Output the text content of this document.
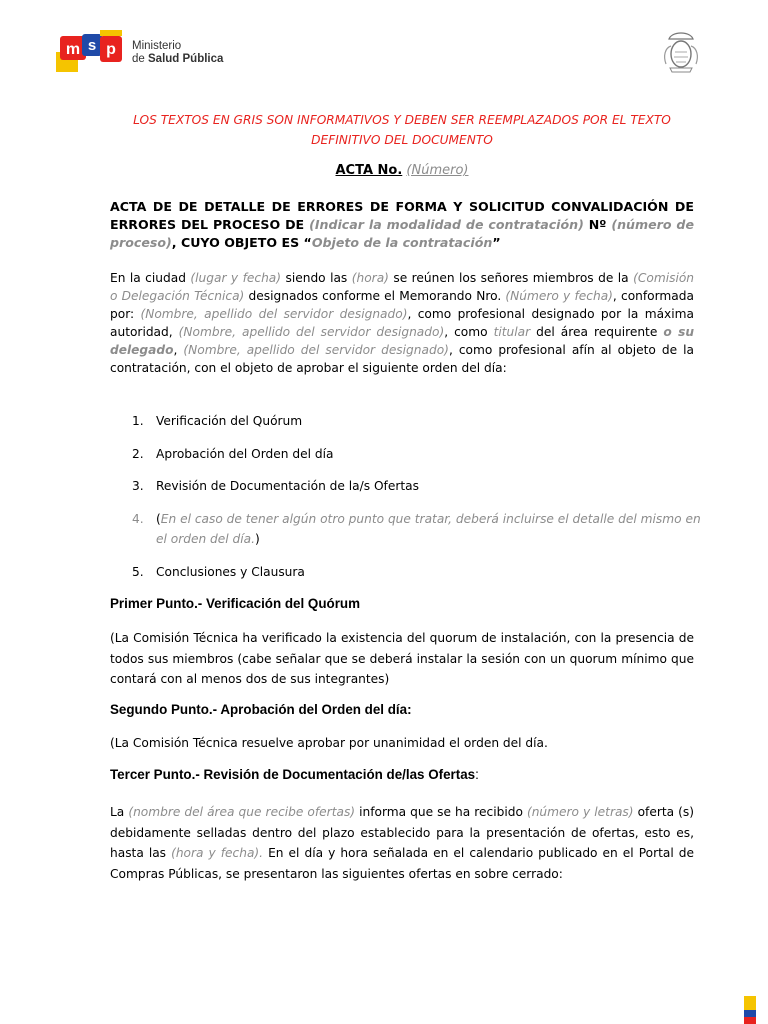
m s p Ministerio
de Salud Pública
LOS TEXTOS EN GRIS SON INFORMATIVOS Y DEBEN SER REEMPLAZADOS POR EL TEXTO
DEFINITIVO DEL DOCUMENTO
ACTA No. (Número)
ACTA DE DE DETALLE DE ERRORES DE FORMA Y SOLICITUD CONVALIDACIÓN DE ERRORES DEL PROCESO DE (Indicar la modalidad de contratación) Nº (número de proceso), CUYO OBJETO ES “Objeto de la contratación”
En la ciudad (lugar y fecha) siendo las (hora) se reúnen los señores miembros de la (Comisión o Delegación Técnica) designados conforme el Memorando Nro. (Número y fecha), conformada por: (Nombre, apellido del servidor designado), como profesional designado por la máxima autoridad, (Nombre, apellido del servidor designado), como titular del área requirente o su delegado, (Nombre, apellido del servidor designado), como profesional afín al objeto de la contratación, con el objeto de aprobar el siguiente orden del día:
1. Verificación del Quórum
2. Aprobación del Orden del día
3. Revisión de Documentación de la/s Ofertas
4. (En el caso de tener algún otro punto que tratar, deberá incluirse el detalle del mismo en el orden del día.)
5. Conclusiones y Clausura
Primer Punto.- Verificación del Quórum
(La Comisión Técnica ha verificado la existencia del quorum de instalación, con la presencia de todos sus miembros (cabe señalar que se deberá instalar la sesión con un quorum mínimo que contará con al menos dos de sus integrantes)
Segundo Punto.- Aprobación del Orden del día:
(La Comisión Técnica resuelve aprobar por unanimidad el orden del día.
Tercer Punto.- Revisión de Documentación de/las Ofertas:
La (nombre del área que recibe ofertas) informa que se ha recibido (número y letras) oferta (s) debidamente selladas dentro del plazo establecido para la presentación de ofertas, esto es, hasta las (hora y fecha). En el día y hora señalada en el calendario publicado en el Portal de Compras Públicas, se presentaron las siguientes ofertas en sobre cerrado:
